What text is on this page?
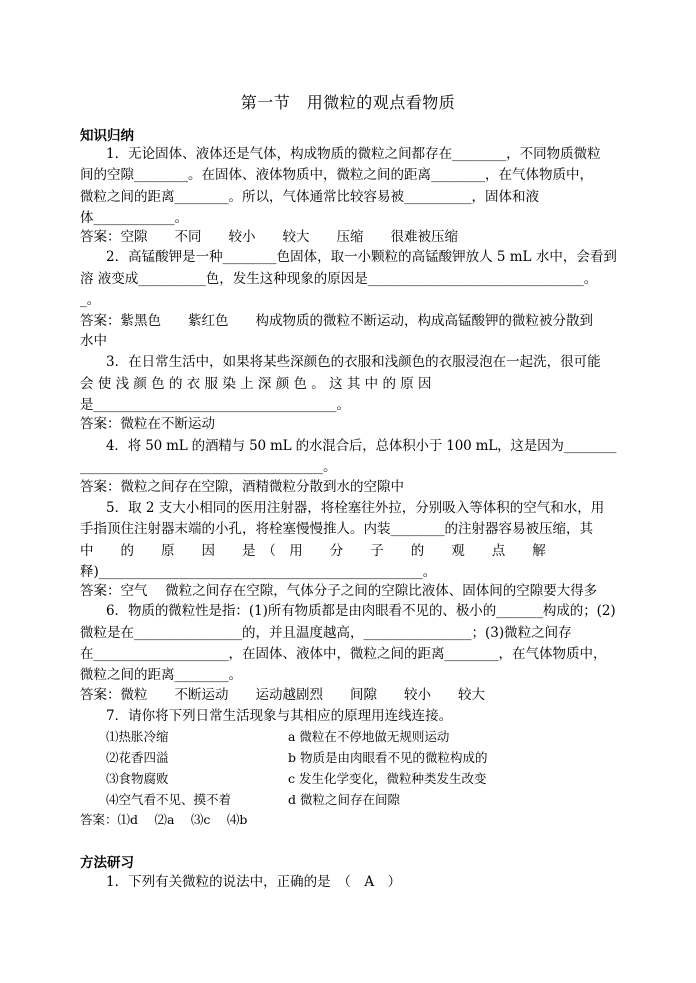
第一节　用微粒的观点看物质
知识归纳
1．无论固体、液体还是气体，构成物质的微粒之间都存在________，不同物质微粒
间的空隙________。在固体、液体物质中，微粒之间的距离________，在气体物质中，
微粒之间的距离________。所以，气体通常比较容易被__________，固体和液
体____________。
答案：空隙　　不同　　较小　　较大　　压缩　　很难被压缩
2．高锰酸钾是一种________色固体，取一小颗粒的高锰酸钾放人 5 mL 水中，会看到
溶 液变成__________色，发生这种现象的原因是________________________________。
_。
答案：紫黑色　　紫红色　　构成物质的微粒不断运动，构成高锰酸钾的微粒被分散到
水中
3．在日常生活中，如果将某些深颜色的衣服和浅颜色的衣服浸泡在一起洗，很可能
会 使 浅 颜 色 的 衣 服 染 上 深 颜 色 。 这 其 中 的 原 因
是____________________________________。
答案：微粒在不断运动
4．将 50 mL 的酒精与 50 mL 的水混合后，总体积小于 100 mL，这是因为________
____________________________________。
答案：微粒之间存在空隙，酒精微粒分散到水的空隙中
5．取 2 支大小相同的医用注射器，将栓塞往外拉，分别吸入等体积的空气和水，用
手指顶住注射器末端的小孔，将栓塞慢慢推人。内装________的注射器容易被压缩，其
中　　的　　原　　因　　是　（　用　　分　　子　　的　　观　　点　　解
释)________________________________________________。
答案：空气　 微粒之间存在空隙，气体分子之间的空隙比液体、固体间的空隙要大得多
6．物质的微粒性是指：(1)所有物质都是由肉眼看不见的、极小的_______构成的；(2)
微粒是在________________的，并且温度越高，________________；(3)微粒之间存
在____________________，在固体、液体中，微粒之间的距离________，在气体物质中，
微粒之间的距离________。
答案：微粒　　不断运动　　运动越剧烈　　间隙　　较小　　较大
7．请你将下列日常生活现象与其相应的原理用连线连接。
⑴热胀冷缩	a 微粒在不停地做无规则运动
⑵花香四溢	b 物质是由肉眼看不见的微粒构成的
⑶食物腐败	c 发生化学变化，微粒种类发生改变
⑷空气看不见、摸不着	d 微粒之间存在间隙
答案：⑴d　 ⑵a　 ⑶c　 ⑷b
方法研习
1．下列有关微粒的说法中，正确的是　（　A　）
